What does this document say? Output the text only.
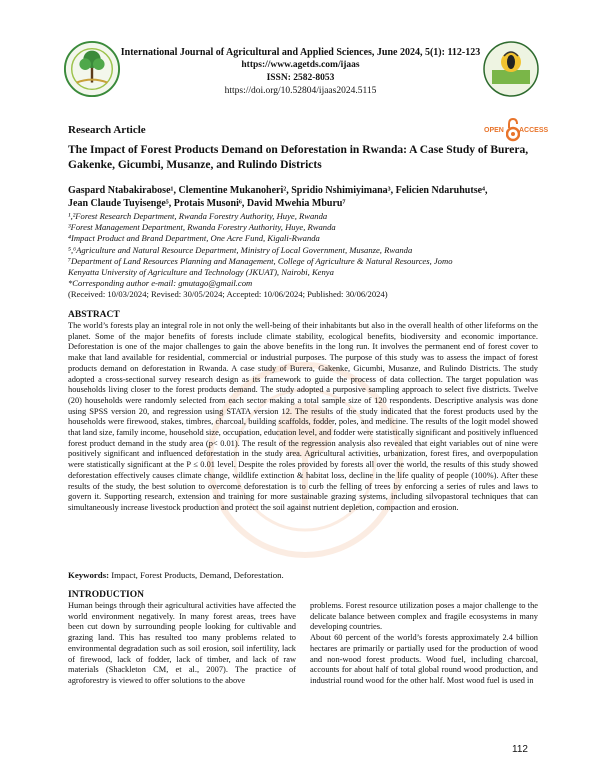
International Journal of Agricultural and Applied Sciences, June 2024, 5(1): 112-123
https://www.agetds.com/ijaas
ISSN: 2582-8053
https://doi.org/10.52804/ijaas2024.5115
Research Article	OPEN ACCESS
The Impact of Forest Products Demand on Deforestation in Rwanda: A Case Study of Burera, Gakenke, Gicumbi, Musanze, and Rulindo Districts
Gaspard Ntabakirabose¹, Clementine Mukanoheri², Spridio Nshimiyimana³, Felicien Ndaruhutse⁴,
Jean Claude Tuyisenge⁵, Protais Musoni⁶, David Mwehia Mburu⁷
¹,²Forest Research Department, Rwanda Forestry Authority, Huye, Rwanda
³Forest Management Department, Rwanda Forestry Authority, Huye, Rwanda
⁴Impact Product and Brand Department, One Acre Fund, Kigali-Rwanda
⁵,⁶Agriculture and Natural Resource Department, Ministry of Local Government, Musanze, Rwanda
⁷Department of Land Resources Planning and Management, College of Agriculture & Natural Resources, Jomo
Kenyatta University of Agriculture and Technology (JKUAT), Nairobi, Kenya
*Corresponding author e-mail: gmutago@gmail.com
(Received: 10/03/2024; Revised: 30/05/2024; Accepted: 10/06/2024; Published: 30/06/2024)
ABSTRACT
The world’s forests play an integral role in not only the well-being of their inhabitants but also in the overall health of other lifeforms on the planet. Some of the major benefits of forests include climate stability, ecological benefits, biodiversity and economic importance. Deforestation is one of the major challenges to gain the above benefits in the long run. It involves the permanent end of forest cover to make that land available for residential, commercial or industrial purposes. The purpose of this study was to assess the impact of forest products demand on deforestation in Rwanda. A case study of Burera, Gakenke, Gicumbi, Musanze, and Rulindo Districts. The study adopted a cross-sectional survey research design as its framework to guide the process of data collection. The target population was households living closer to the forest products demand. The study adopted a purposive sampling approach to select five districts. Twelve (20) households were randomly selected from each sector making a total sample size of 120 respondents. Descriptive analysis was done using SPSS version 20, and regression using STATA version 12. The results of the study indicated that the forest products used by the households were firewood, stakes, timbres, charcoal, building scaffolds, fodder, poles, and medicine. The results of the logit model showed that land size, family income, household size, occupation, education level, and fodder were statistically significant and positively influenced forest product demand in the study area (p< 0.01). The result of the regression analysis also revealed that eight variables out of nine were positively significant and influenced deforestation in the study area. Agricultural activities, urbanization, forest fires, and overpopulation were statistically significant at the P ≤ 0.01 level. Despite the roles provided by forests all over the world, the results of this study showed deforestation effectively causes climate change, wildlife extinction & habitat loss, decline in the life quality of people (100%). After these results of the study, the best solution to overcome deforestation is to curb the felling of trees by enforcing a series of rules and laws to govern it. Supporting research, extension and training for more sustainable grazing systems, including silvopastoral techniques that can simultaneously increase livestock production and protect the soil against nutrient depletion, compaction and erosion.
Keywords: Impact, Forest Products, Demand, Deforestation.
INTRODUCTION
Human beings through their agricultural activities have affected the world environment negatively. In many forest areas, trees have been cut down by surrounding people looking for cultivable and grazing land. This has resulted too many problems related to environmental degradation such as soil erosion, soil infertility, lack of firewood, lack of fodder, lack of timber, and lack of raw materials (Shackleton CM, et al., 2007). The practice of agroforestry is viewed to offer solutions to the above

problems. Forest resource utilization poses a major challenge to the delicate balance between complex and fragile ecosystems in many developing countries.

About 60 percent of the world’s forests approximately 2.4 billion hectares are primarily or partially used for the production of wood and non-wood forest products. Wood fuel, including charcoal, accounts for about half of total global round wood production, and industrial round wood for the other half. Most wood fuel is used in

112
